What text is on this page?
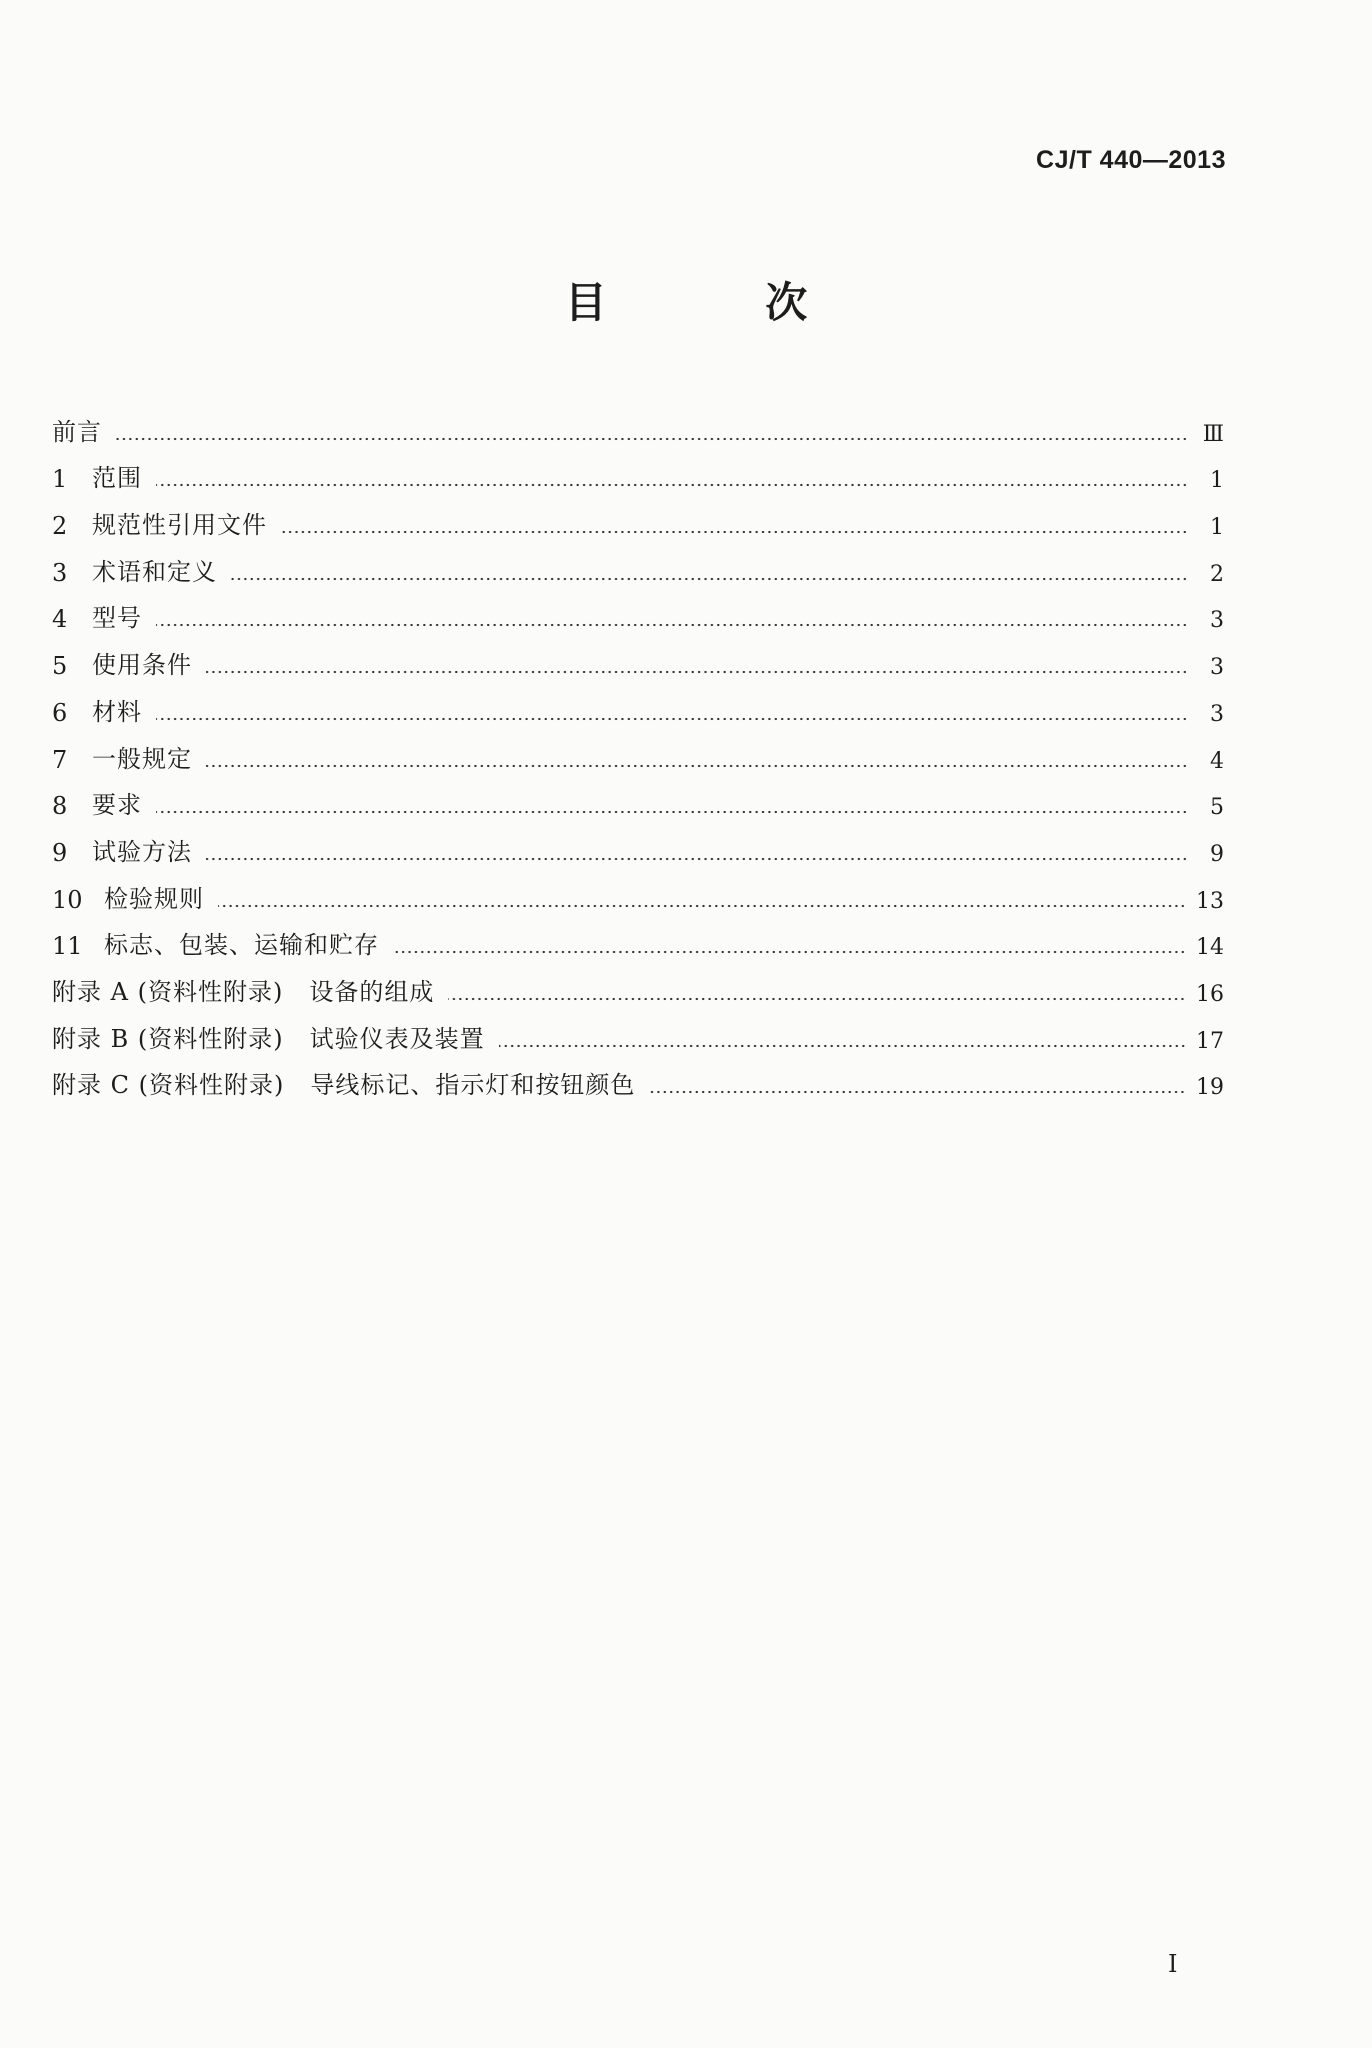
CJ/T 440—2013
目 次
前言	Ⅲ
1	范围	1
2	规范性引用文件	1
3	术语和定义	2
4	型号	3
5	使用条件	3
6	材料	3
7	一般规定	4
8	要求	5
9	试验方法	9
10 检验规则	13
11 标志、包装、运输和贮存	14
附录 A (资料性附录) 设备的组成	16
附录 B (资料性附录) 试验仪表及装置	17
附录 C (资料性附录) 导线标记、指示灯和按钮颜色	19
I
